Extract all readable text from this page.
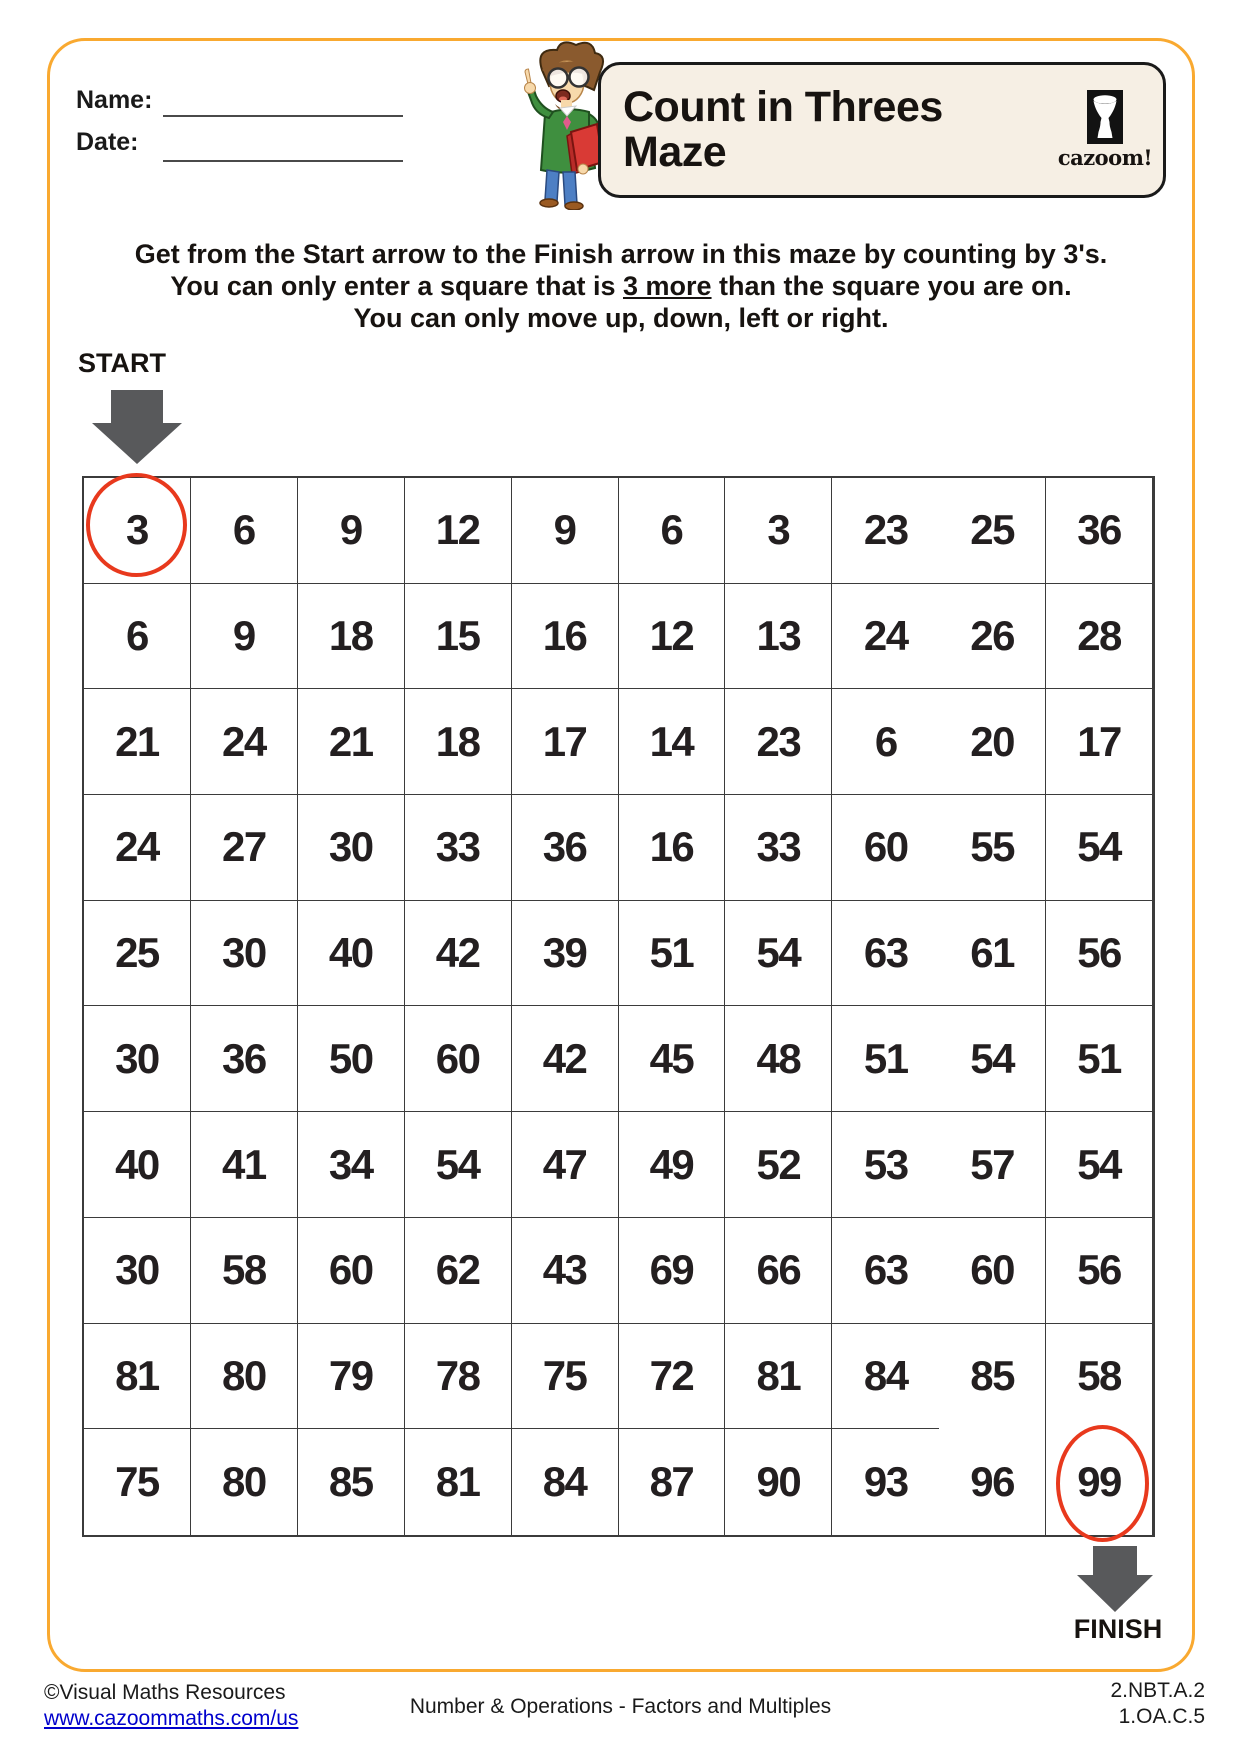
Name:
Date:
Count in Threes Maze	cazoom!
Get from the Start arrow to the Finish arrow in this maze by counting by 3's.
You can only enter a square that is 3 more than the square you are on.
You can only move up, down, left or right.
START
3	6	9	12	9	6	3	23	25	36
6	9	18	15	16	12	13	24	26	28
21	24	21	18	17	14	23	6	20	17
24	27	30	33	36	16	33	60	55	54
25	30	40	42	39	51	54	63	61	56
30	36	50	60	42	45	48	51	54	51
40	41	34	54	47	49	52	53	57	54
30	58	60	62	43	69	66	63	60	56
81	80	79	78	75	72	81	84	85	58
75	80	85	81	84	87	90	93	96	99
FINISH
©Visual Maths Resources
www.cazoommaths.com/us
Number & Operations - Factors and Multiples
2.NBT.A.2
1.OA.C.5
